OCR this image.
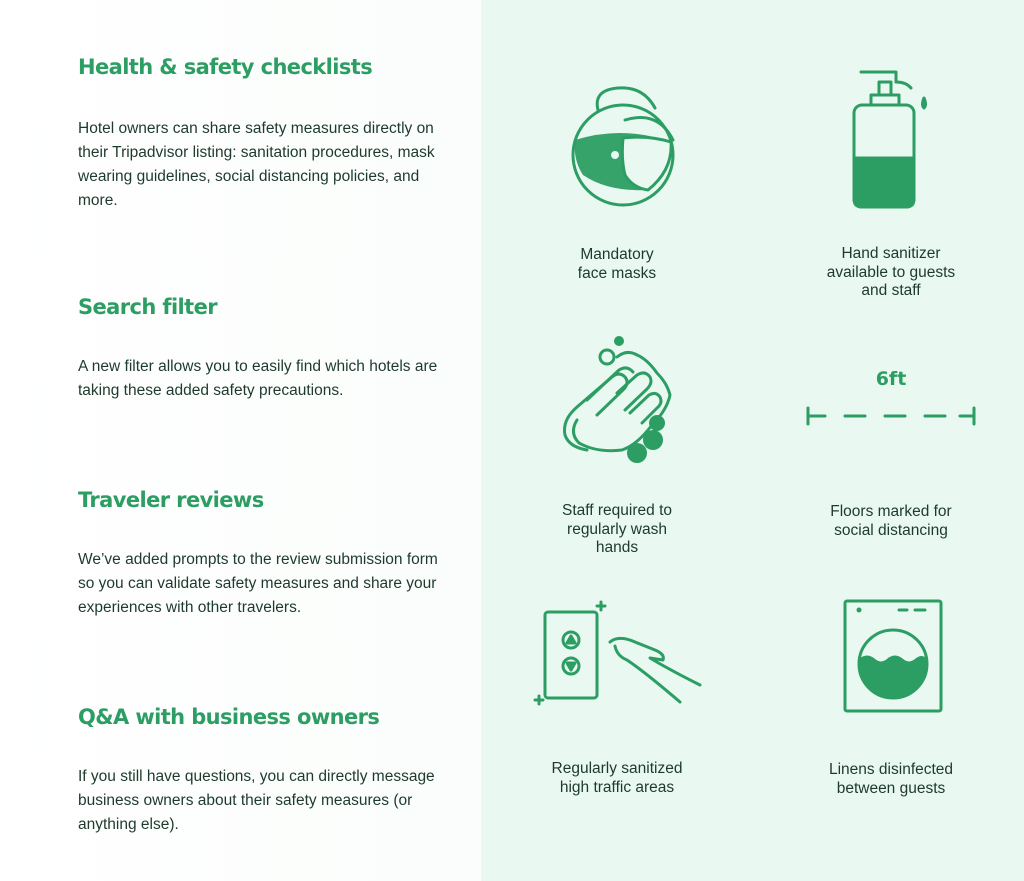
Health & safety checklists

Hotel owners can share safety measures directly on their Tripadvisor listing: sanitation procedures, mask wearing guidelines, social distancing policies, and more.

Search filter

A new filter allows you to easily find which hotels are taking these added safety precautions.

Traveler reviews

We’ve added prompts to the review submission form so you can validate safety measures and share your experiences with other travelers.

Q&A with business owners

If you still have questions, you can directly message business owners about their safety measures (or anything else).

Mandatory
face masks
Hand sanitizer
available to guests
and staff
Staff required to
regularly wash
hands
6ft
Floors marked for
social distancing
Regularly sanitized
high traffic areas
Linens disinfected
between guests
